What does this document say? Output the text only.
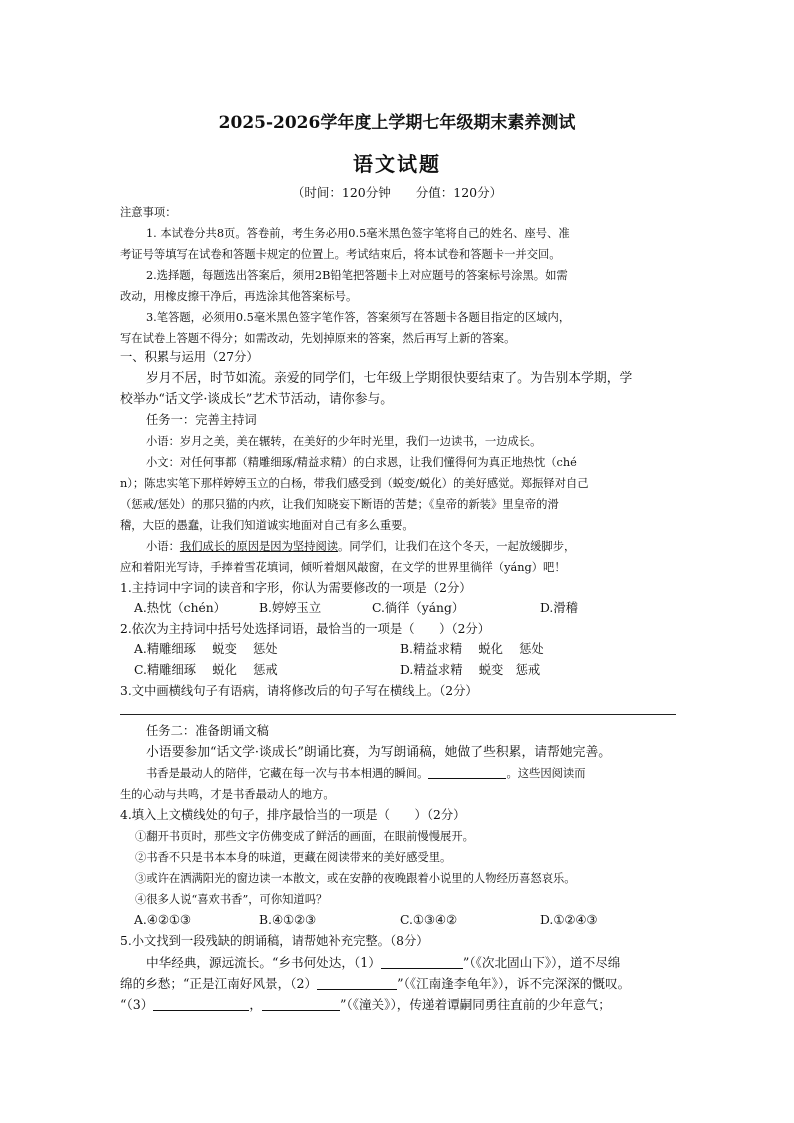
2025-2026学年度上学期七年级期末素养测试
语文试题
（时间：120分钟　　分值：120分）
注意事项：
1. 本试卷分共8页。答卷前，考生务必用0.5毫米黑色签字笔将自己的姓名、座号、准
考证号等填写在试卷和答题卡规定的位置上。考试结束后，将本试卷和答题卡一并交回。
2.选择题，每题选出答案后，须用2B铅笔把答题卡上对应题号的答案标号涂黑。如需
改动，用橡皮擦干净后，再选涂其他答案标号。
3.笔答题，必须用0.5毫米黑色签字笔作答，答案须写在答题卡各题目指定的区域内，
写在试卷上答题不得分；如需改动，先划掉原来的答案，然后再写上新的答案。
一、积累与运用（27分）
岁月不居，时节如流。亲爱的同学们，七年级上学期很快要结束了。为告别本学期，学
校举办“话文学·谈成长”艺术节活动，请你参与。
任务一：完善主持词
小语：岁月之美，美在辗转，在美好的少年时光里，我们一边读书，一边成长。
小文：对任何事都（精雕细琢/精益求精）的白求恩，让我们懂得何为真正地热忱（ché
n）；陈忠实笔下那样婷婷玉立的白杨，带我们感受到（蜕变/蜕化）的美好感觉。郑振铎对自己
（惩戒/惩处）的那只猫的内疚，让我们知晓妄下断语的苦楚；《皇帝的新装》里皇帝的滑
稽，大臣的愚蠢，让我们知道诚实地面对自己有多么重要。
小语：我们成长的原因是因为坚持阅读。同学们，让我们在这个冬天，一起放缓脚步，
应和着阳光写诗，手捧着雪花填词，倾听着烟风敲窗，在文学的世界里徜徉（yáng）吧！
1.主持词中字词的读音和字形，你认为需要修改的一项是（2分）
A.热忱（chén）	B.婷婷玉立	C.徜徉（yáng）	D.滑稽
2.依次为主持词中括号处选择词语，最恰当的一项是（　　）（2分）
A.精雕细琢　 蜕变　 惩处	B.精益求精　 蜕化　 惩处
C.精雕细琢　 蜕化　 惩戒	D.精益求精　 蜕变　惩戒
3.文中画横线句子有语病，请将修改后的句子写在横线上。（2分）
任务二：准备朗诵文稿
小语要参加“话文学·谈成长”朗诵比赛，为写朗诵稿，她做了些积累，请帮她完善。
书香是最动人的陪伴，它藏在每一次与书本相遇的瞬间。	。这些因阅读而
生的心动与共鸣，才是书香最动人的地方。
4.填入上文横线处的句子，排序最恰当的一项是（　　）（2分）
①翻开书页时，那些文字仿佛变成了鲜活的画面，在眼前慢慢展开。
②书香不只是书本本身的味道，更藏在阅读带来的美好感受里。
③或许在洒满阳光的窗边读一本散文，或在安静的夜晚跟着小说里的人物经历喜怒哀乐。
④很多人说“喜欢书香”，可你知道吗？
A.④②①③	B.④①②③	C.①③④②	D.①②④③
5.小文找到一段残缺的朗诵稿，请帮她补充完整。（8分）
中华经典，源远流长。“乡书何处达，（1）	”（《次北固山下》），道不尽绵
绵的乡愁；“正是江南好风景，（2）	”（《江南逢李龟年》），诉不完深深的慨叹。
“（3）	，	”（《潼关》），传递着谭嗣同勇往直前的少年意气；
